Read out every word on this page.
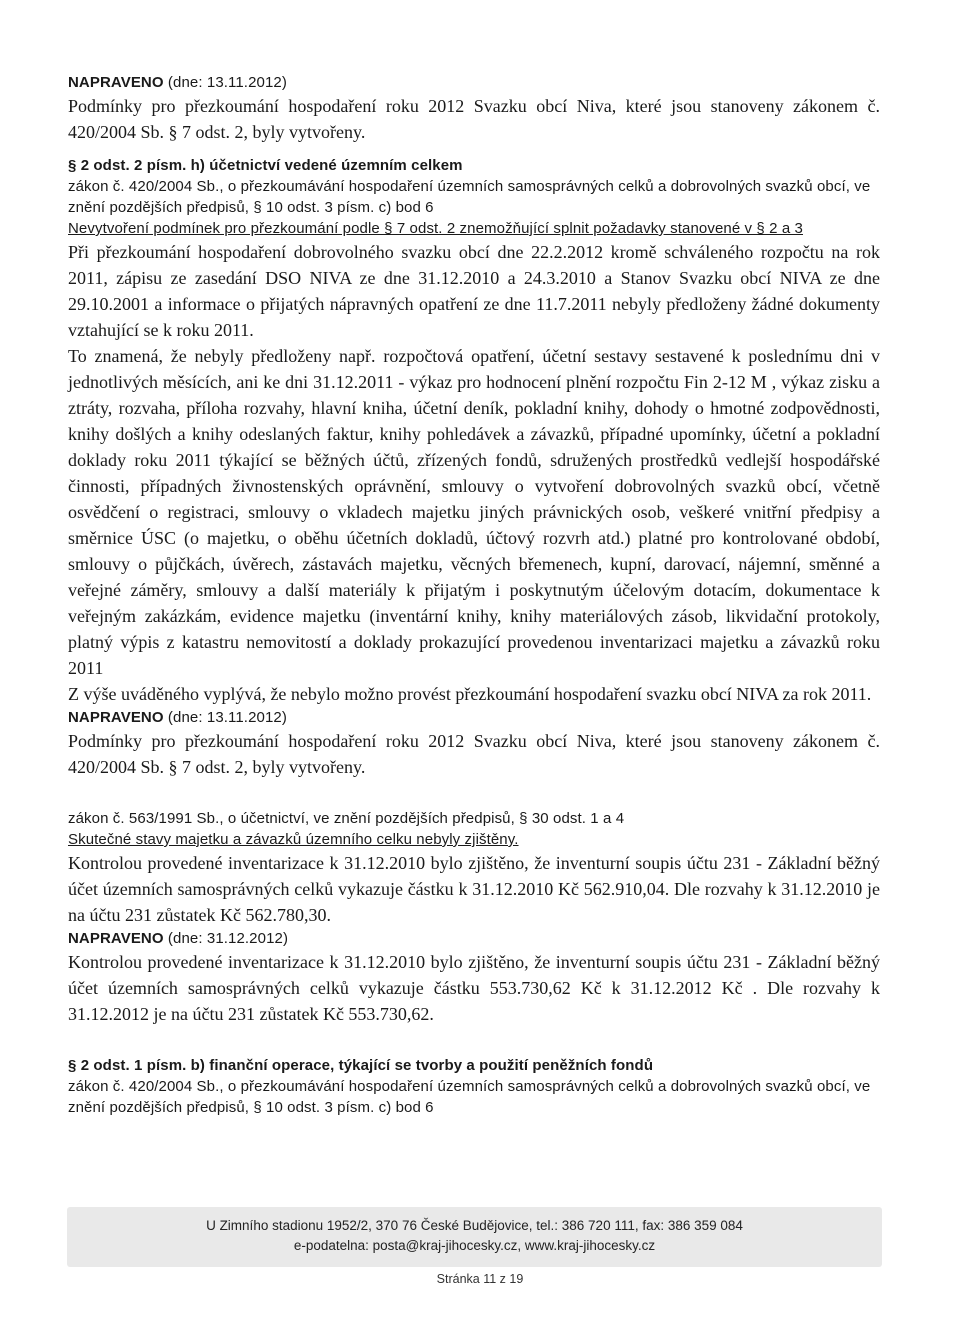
NAPRAVENO (dne: 13.11.2012)

Podmínky pro přezkoumání hospodaření roku 2012 Svazku obcí Niva, které jsou stanoveny zákonem č. 420/2004 Sb. § 7 odst. 2, byly vytvořeny.

§ 2 odst. 2 písm. h) účetnictví vedené územním celkem

zákon č. 420/2004 Sb., o přezkoumávání hospodaření územních samosprávných celků a dobrovolných svazků obcí, ve znění pozdějších předpisů, § 10 odst. 3 písm. c) bod 6

Nevytvoření podmínek pro přezkoumání podle § 7 odst. 2 znemožňující splnit požadavky stanovené v § 2 a 3

Při přezkoumání hospodaření dobrovolného svazku obcí dne 22.2.2012 kromě schváleného rozpočtu na rok 2011, zápisu ze zasedání DSO NIVA ze dne 31.12.2010 a 24.3.2010 a Stanov Svazku obcí NIVA ze dne 29.10.2001 a informace o přijatých nápravných opatření ze dne 11.7.2011 nebyly předloženy žádné dokumenty vztahující se k roku 2011.

To znamená, že nebyly předloženy např. rozpočtová opatření, účetní sestavy sestavené k poslednímu dni v jednotlivých měsících, ani ke dni 31.12.2011 - výkaz pro hodnocení plnění rozpočtu Fin 2-12 M , výkaz zisku a ztráty, rozvaha, příloha rozvahy, hlavní kniha, účetní deník, pokladní knihy, dohody o hmotné zodpovědnosti, knihy došlých a knihy odeslaných faktur, knihy pohledávek a závazků, případné upomínky, účetní a pokladní doklady roku 2011 týkající se běžných účtů, zřízených fondů, sdružených prostředků vedlejší hospodářské činnosti, případných živnostenských oprávnění, smlouvy o vytvoření dobrovolných svazků obcí, včetně osvědčení o registraci, smlouvy o vkladech majetku jiných právnických osob, veškeré vnitřní předpisy a směrnice ÚSC (o majetku, o oběhu účetních dokladů, účtový rozvrh atd.) platné pro kontrolované období, smlouvy o půjčkách, úvěrech, zástavách majetku, věcných břemenech, kupní, darovací, nájemní, směnné a veřejné záměry, smlouvy a další materiály k přijatým i poskytnutým účelovým dotacím, dokumentace k veřejným zakázkám, evidence majetku (inventární knihy, knihy materiálových zásob, likvidační protokoly, platný výpis z katastru nemovitostí a doklady prokazující provedenou inventarizaci majetku a závazků roku 2011

Z výše uváděného vyplývá, že nebylo možno provést přezkoumání hospodaření svazku obcí NIVA za rok 2011.

NAPRAVENO (dne: 13.11.2012)

Podmínky pro přezkoumání hospodaření roku 2012 Svazku obcí Niva, které jsou stanoveny zákonem č. 420/2004 Sb. § 7 odst. 2, byly vytvořeny.

zákon č. 563/1991 Sb., o účetnictví, ve znění pozdějších předpisů, § 30 odst. 1 a 4

Skutečné stavy majetku a závazků územního celku nebyly zjištěny.

Kontrolou provedené inventarizace k 31.12.2010 bylo zjištěno, že inventurní soupis účtu 231 - Základní běžný účet územních samosprávných celků vykazuje částku k 31.12.2010 Kč 562.910,04. Dle rozvahy k 31.12.2010 je na účtu 231 zůstatek Kč 562.780,30.

NAPRAVENO (dne: 31.12.2012)

Kontrolou provedené inventarizace k 31.12.2010 bylo zjištěno, že inventurní soupis účtu 231 - Základní běžný účet územních samosprávných celků vykazuje částku 553.730,62 Kč k 31.12.2012 Kč . Dle rozvahy k 31.12.2012 je na účtu 231 zůstatek Kč 553.730,62.

§ 2 odst. 1 písm. b) finanční operace, týkající se tvorby a použití peněžních fondů

zákon č. 420/2004 Sb., o přezkoumávání hospodaření územních samosprávných celků a dobrovolných svazků obcí, ve znění pozdějších předpisů, § 10 odst. 3 písm. c) bod 6

U Zimního stadionu 1952/2, 370 76 České Budějovice, tel.: 386 720 111, fax: 386 359 084
e-podatelna: posta@kraj-jihocesky.cz, www.kraj-jihocesky.cz
Stránka 11 z 19
